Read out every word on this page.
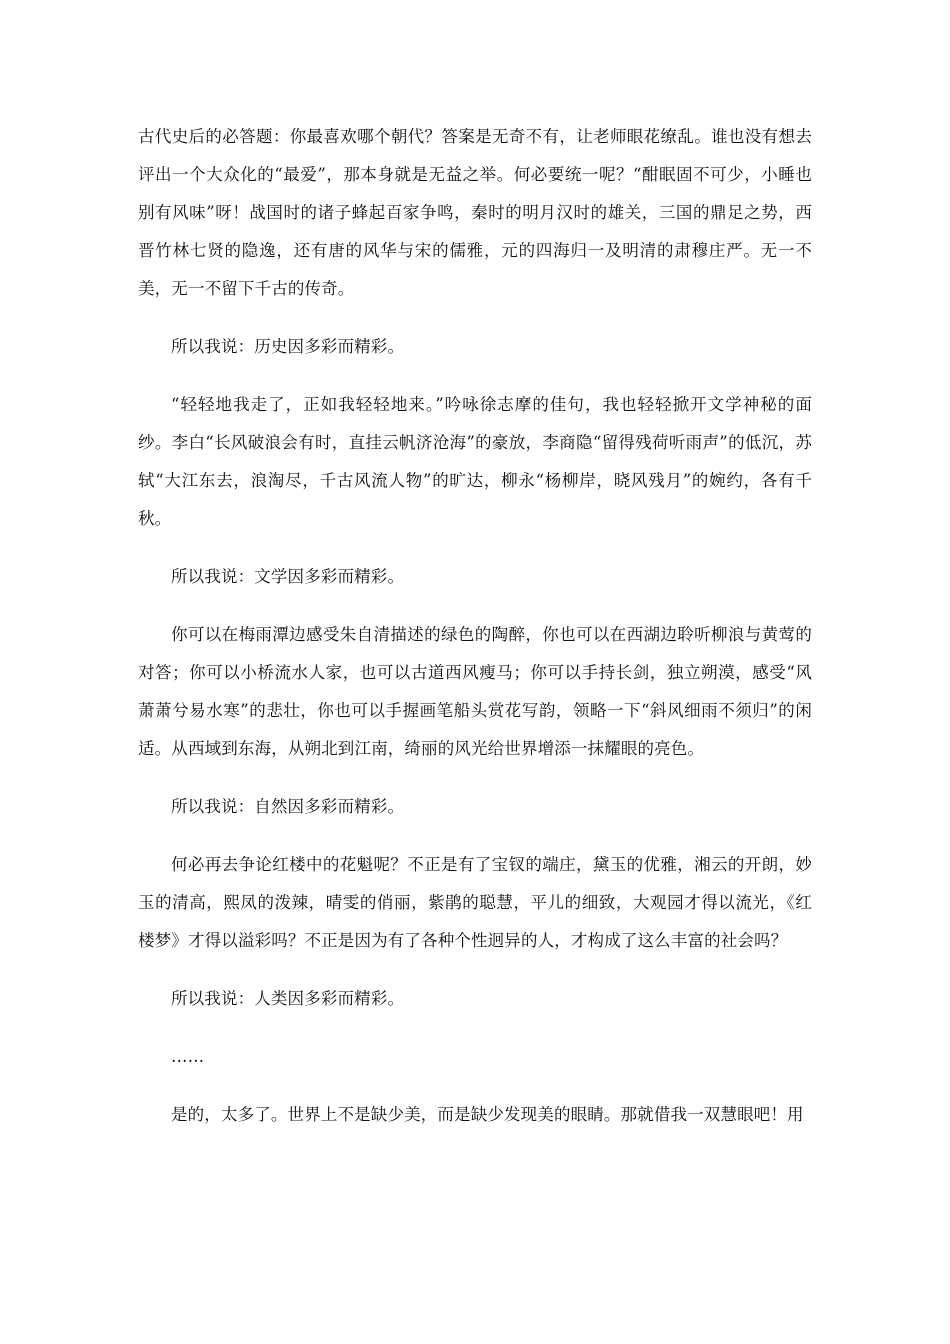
古代史后的必答题：你最喜欢哪个朝代？答案是无奇不有，让老师眼花缭乱。谁也没有想去评出一个大众化的“最爱”，那本身就是无益之举。何必要统一呢？“酣眠固不可少，小睡也别有风味”呀！战国时的诸子蜂起百家争鸣，秦时的明月汉时的雄关，三国的鼎足之势，西晋竹林七贤的隐逸，还有唐的风华与宋的儒雅，元的四海归一及明清的肃穆庄严。无一不美，无一不留下千古的传奇。

所以我说：历史因多彩而精彩。

“轻轻地我走了，正如我轻轻地来。”吟咏徐志摩的佳句，我也轻轻掀开文学神秘的面纱。李白“长风破浪会有时，直挂云帆济沧海”的豪放，李商隐“留得残荷听雨声”的低沉，苏轼“大江东去，浪淘尽，千古风流人物”的旷达，柳永“杨柳岸，晓风残月”的婉约，各有千秋。

所以我说：文学因多彩而精彩。

你可以在梅雨潭边感受朱自清描述的绿色的陶醉，你也可以在西湖边聆听柳浪与黄莺的对答；你可以小桥流水人家，也可以古道西风瘦马；你可以手持长剑，独立朔漠，感受“风萧萧兮易水寒”的悲壮，你也可以手握画笔船头赏花写韵，领略一下“斜风细雨不须归”的闲适。从西域到东海，从朔北到江南，绮丽的风光给世界增添一抹耀眼的亮色。

所以我说：自然因多彩而精彩。

何必再去争论红楼中的花魁呢？不正是有了宝钗的端庄，黛玉的优雅，湘云的开朗，妙玉的清高，熙凤的泼辣，晴雯的俏丽，紫鹃的聪慧，平儿的细致，大观园才得以流光，《红楼梦》才得以溢彩吗？不正是因为有了各种个性迥异的人，才构成了这么丰富的社会吗？

所以我说：人类因多彩而精彩。

……

是的，太多了。世界上不是缺少美，而是缺少发现美的眼睛。那就借我一双慧眼吧！用
